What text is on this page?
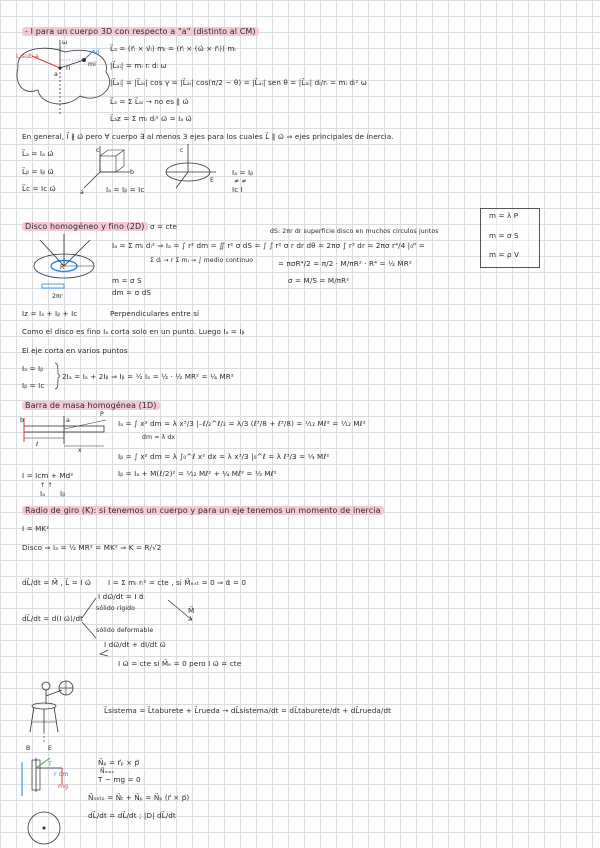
- I para un cuerpo 3D con respecto a "a" (distinto al CM)
L sub a
ri
mi
vi
a
ω
L⃗ₐ = (r⃗ᵢ × v⃗ᵢ) mᵢ = (r⃗ᵢ × (ω⃗ × r⃗ᵢ)) mᵢ
|L⃗ₐᵢ| = mᵢ rᵢ dᵢ ω
|L⃗ₐᵢ| = |L⃗ₐᵢ| cos γ = |L⃗ₐᵢ| cos(π/2 − θ) = |L⃗ₐᵢ| sen θ = |L⃗ₐᵢ| dᵢ/rᵢ = mᵢ dᵢ² ω
L⃗ₐ = Σ L⃗ₐᵢ → no es ∥ ω⃗
L⃗ₐz = Σ mᵢ dᵢ² ω⃗ = Iₐ ω⃗
En general, I⃗ ∦ ω⃗ pero ∀ cuerpo ∃ al menos 3 ejes para los cuales L⃗ ∥ ω⃗ ⇒ ejes principales de inercia.
L⃗ₐ = Iₐ ω⃗
L⃗ᵦ = Iᵦ ω⃗
L⃗c = Ic ω⃗
c
b
a	Iₐ = Iᵦ = Ic
c
E
Iₐ = Iᵦ
≠ ≠
Ic I
Disco homogéneo y fino (2D) σ = cte
dS: 2πr dr superficie disco en muchos círculos juntos
Iₐ = Σ mᵢ dᵢ² ⇒ Iₐ = ∫ r² dm = ∬ r² σ dS = ∫ ∫ r² σ r dr dθ = 2πσ ∫ r³ dr = 2πσ r⁴/4 |₀ᴿ =
Σ dᵢ → r Σ mᵢ → ∫ medio continuo	= πσR⁴/2 = π/2 · M/πR² · R⁴ = ½ MR²
σ = M/S = M/πR²
R
2πr
m = σ S
dm = σ dS
m = λ P
m = σ S
m = ρ V
Iz = Iₐ + Iᵦ + Ic	Perpendiculares entre sí
Como el disco es fino Iₐ corta solo en un punto. Luego Iₐ = Iᵦ
El eje corta en varios puntos
Iₐ = Iᵦ
Iᵦ = Ic
2Iₐ = Iₐ + 2Iᵦ ⇒ Iᵦ = ½ Iₐ = ½ · ½ MR² = ¼ MR²
Barra de masa homogénea (1D)
b	a
P
ℓ
x
Iₐ = ∫ x² dm = λ x³/3 |₋ℓ/₂^ℓ/₂ = λ/3 (ℓ³/8 + ℓ³/8) = ¹⁄₁₂ Mℓ² = ¹⁄₁₂ Mℓ²
dm = λ dx
Iᵦ = ∫ x² dm = λ ∫₀^ℓ x² dx = λ x³/3 |₀^ℓ = λ ℓ³/3 = ⅓ Mℓ²
Iᵦ = Iₐ + M(ℓ/2)² = ¹⁄₁₂ Mℓ² + ¼ Mℓ² = ⅓ Mℓ²
I = Icm + Md²
↑ ↑
Iₐ Iᵦ
Radio de giro (K): si tenemos un cuerpo y para un eje tenemos un momento de inercia
I = MK²
Disco ⇒ Iₐ = ½ MR² = MK² ⇒ K = R/√2
dL⃗/dt = M⃗ , L⃗ = I ω⃗ I = Σ mᵢ rᵢ² = cte , si M⃗ₑₓₜ = 0 ⇒ α⃗ = 0
I dω⃗/dt = I α⃗
sólido rígido
dL⃗/dt = d(I ω⃗)/dt
M⃗
sólido deformable
I dω⃗/dt + dI/dt ω⃗
I ω⃗ = cte si M⃗ₑ = 0 pero I ω⃗ = cte
B	E
L⃗sistema = L⃗taburete + L⃗rueda → dL⃗sistema/dt = dL⃗taburete/dt + dL⃗rueda/dt
T
r cm
mg
N⃗ₚ = r⃗ₚ × p⃗
N⃗ₘₐₓ
T − mg = 0
N⃗ₙₑₜₒ = N⃗ₜ + N⃗ₚ = N⃗ₚ (r⃗ × p⃗)
dL⃗/dt = dL⃗/dt ; |D| dL⃗/dt
